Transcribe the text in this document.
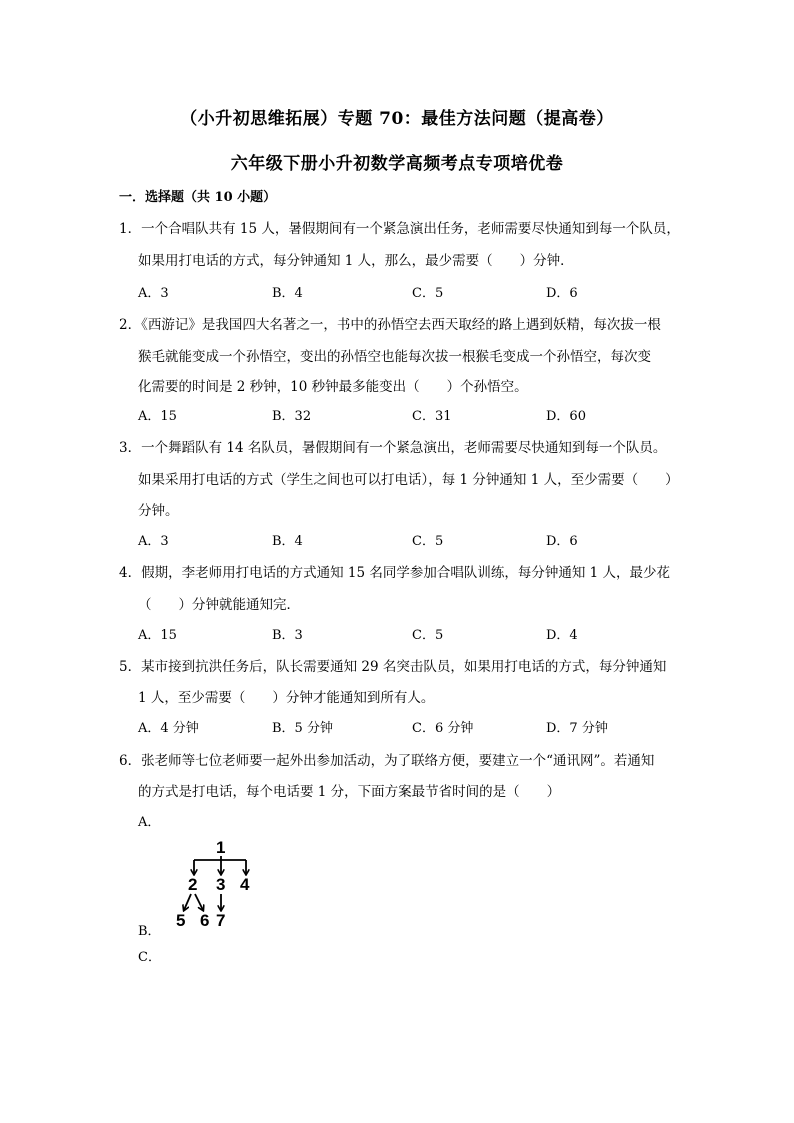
（小升初思维拓展）专题 70：最佳方法问题（提高卷）
六年级下册小升初数学高频考点专项培优卷
一．选择题（共 10 小题）
1．一个合唱队共有 15 人，暑假期间有一个紧急演出任务，老师需要尽快通知到每一个队员，
如果用打电话的方式，每分钟通知 1 人，那么，最少需要（　　）分钟．
A．3	B．4	C．5	D．6
2．《西游记》是我国四大名著之一，书中的孙悟空去西天取经的路上遇到妖精，每次拔一根
猴毛就能变成一个孙悟空，变出的孙悟空也能每次拔一根猴毛变成一个孙悟空，每次变
化需要的时间是 2 秒钟，10 秒钟最多能变出（　　）个孙悟空。
A．15	B．32	C．31	D．60
3．一个舞蹈队有 14 名队员，暑假期间有一个紧急演出，老师需要尽快通知到每一个队员。
如果采用打电话的方式（学生之间也可以打电话），每 1 分钟通知 1 人，至少需要（　　）
分钟。
A．3	B．4	C．5	D．6
4．假期，李老师用打电话的方式通知 15 名同学参加合唱队训练，每分钟通知 1 人，最少花
（　　）分钟就能通知完．
A．15	B．3	C．5	D．4
5．某市接到抗洪任务后，队长需要通知 29 名突击队员，如果用打电话的方式，每分钟通知
1 人，至少需要（　　）分钟才能通知到所有人。
A．4 分钟	B．5 分钟	C．6 分钟	D．7 分钟
6．张老师等七位老师要一起外出参加活动，为了联络方便，要建立一个“通讯网”。若通知
的方式是打电话，每个电话要 1 分，下面方案最节省时间的是（　　）
A．
B．
C．
1
2 3 4
5 6 7
